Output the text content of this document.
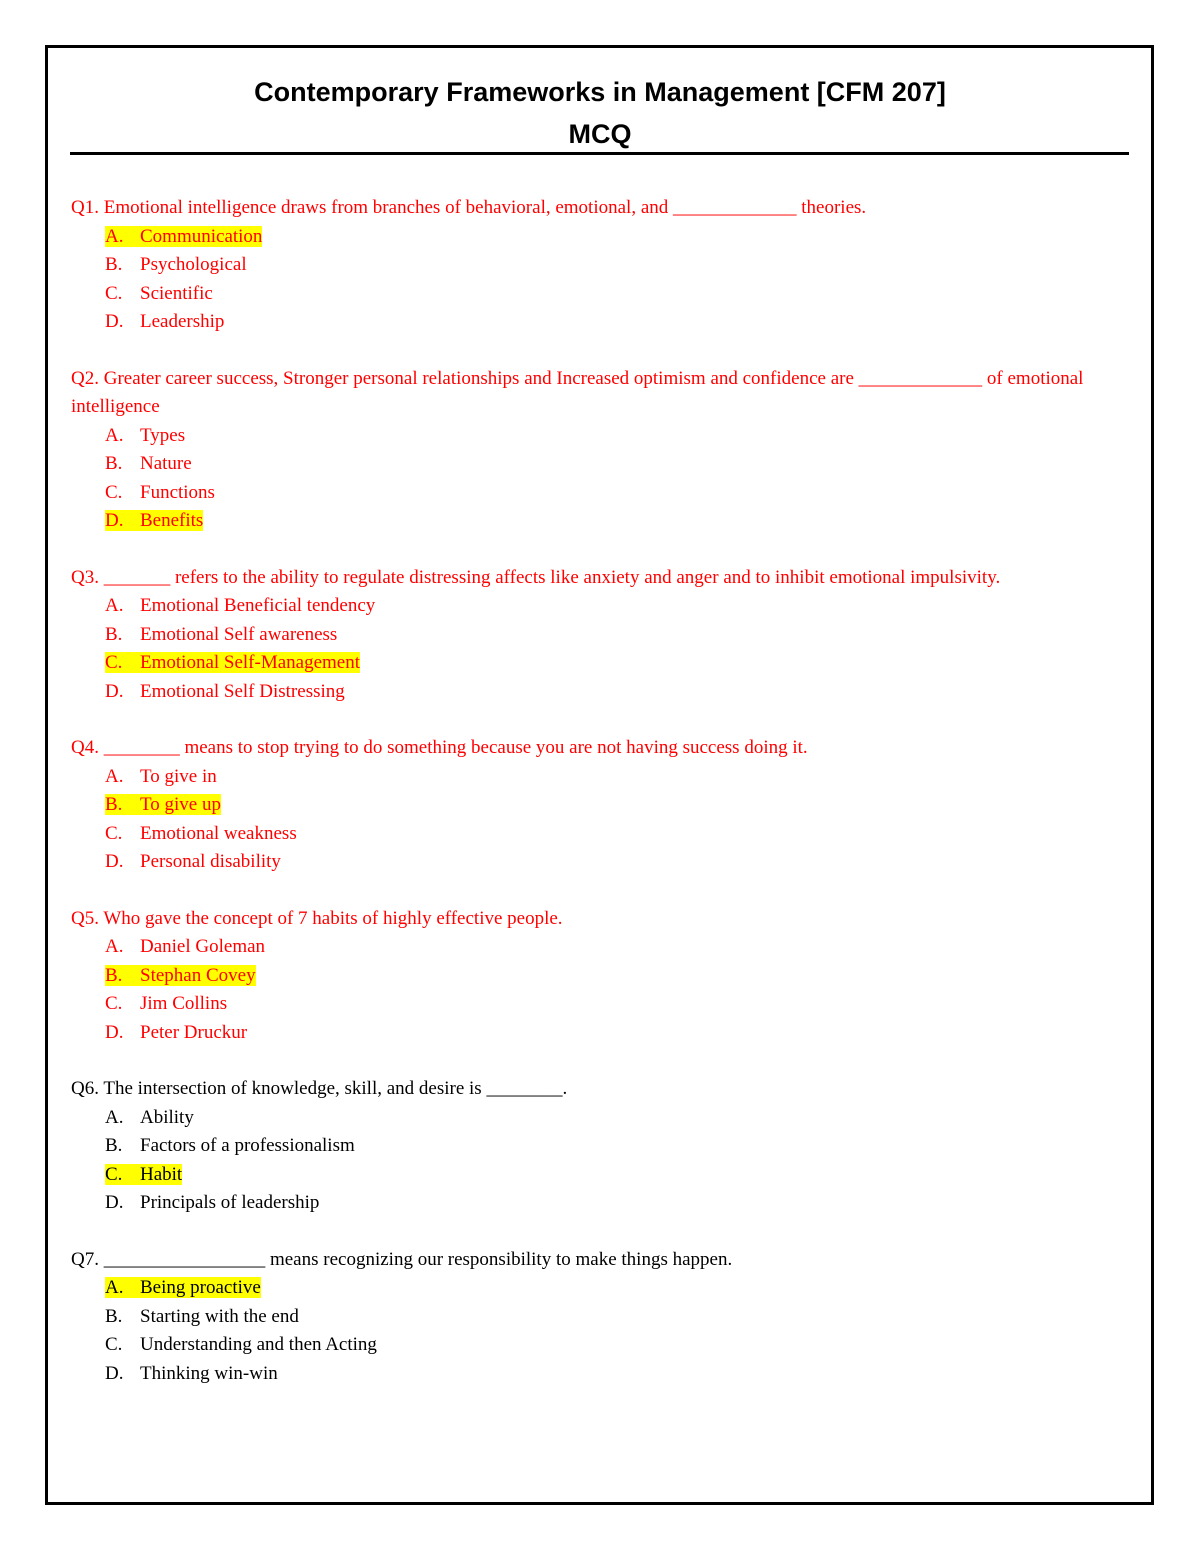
Contemporary Frameworks in Management [CFM 207]
MCQ

Q1. Emotional intelligence draws from branches of behavioral, emotional, and _____________ theories.

A. Communication
B. Psychological
C. Scientific
D. Leadership

Q2. Greater career success, Stronger personal relationships and Increased optimism and confidence are _____________ of emotional intelligence

A. Types
B. Nature
C. Functions
D. Benefits

Q3. _______ refers to the ability to regulate distressing affects like anxiety and anger and to inhibit emotional impulsivity.

A. Emotional Beneficial tendency
B. Emotional Self awareness
C. Emotional Self-Management
D. Emotional Self Distressing

Q4. ________ means to stop trying to do something because you are not having success doing it.

A. To give in
B. To give up
C. Emotional weakness
D. Personal disability

Q5. Who gave the concept of 7 habits of highly effective people.

A. Daniel Goleman
B. Stephan Covey
C. Jim Collins
D. Peter Druckur

Q6. The intersection of knowledge, skill, and desire is ________.

A. Ability
B. Factors of a professionalism
C. Habit
D. Principals of leadership

Q7. _________________ means recognizing our responsibility to make things happen.

A. Being proactive
B. Starting with the end
C. Understanding and then Acting
D. Thinking win-win
